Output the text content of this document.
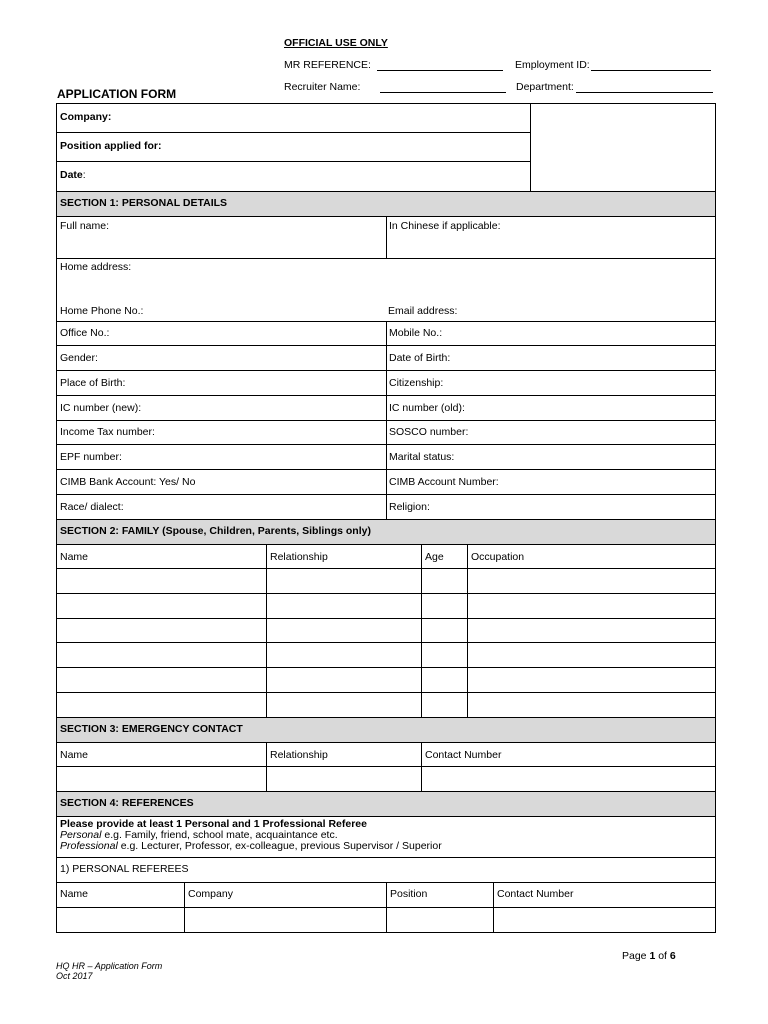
OFFICIAL USE ONLY
MR REFERENCE:	Employment ID:
Recruiter Name:	Department:
APPLICATION FORM
Company:
Position applied for:
Date:
SECTION 1: PERSONAL DETAILS
Full name:	In Chinese if applicable:
Home address:
Home Phone No.:	Email address:
Office No.:	Mobile No.:
Gender:	Date of Birth:
Place of Birth:	Citizenship:
IC number (new):	IC number (old):
Income Tax number:	SOSCO number:
EPF number:	Marital status:
CIMB Bank Account: Yes/ No	CIMB Account Number:
Race/ dialect:	Religion:
SECTION 2: FAMILY (Spouse, Children, Parents, Siblings only)
Name	Relationship	Age	Occupation
SECTION 3: EMERGENCY CONTACT
Name	Relationship	Contact Number
SECTION 4: REFERENCES
Please provide at least 1 Personal and 1 Professional Referee
Personal e.g. Family, friend, school mate, acquaintance etc.
Professional e.g. Lecturer, Professor, ex-colleague, previous Supervisor / Superior
1) PERSONAL REFEREES
Name	Company	Position	Contact Number
Page 1 of 6
HQ HR – Application Form
Oct 2017
